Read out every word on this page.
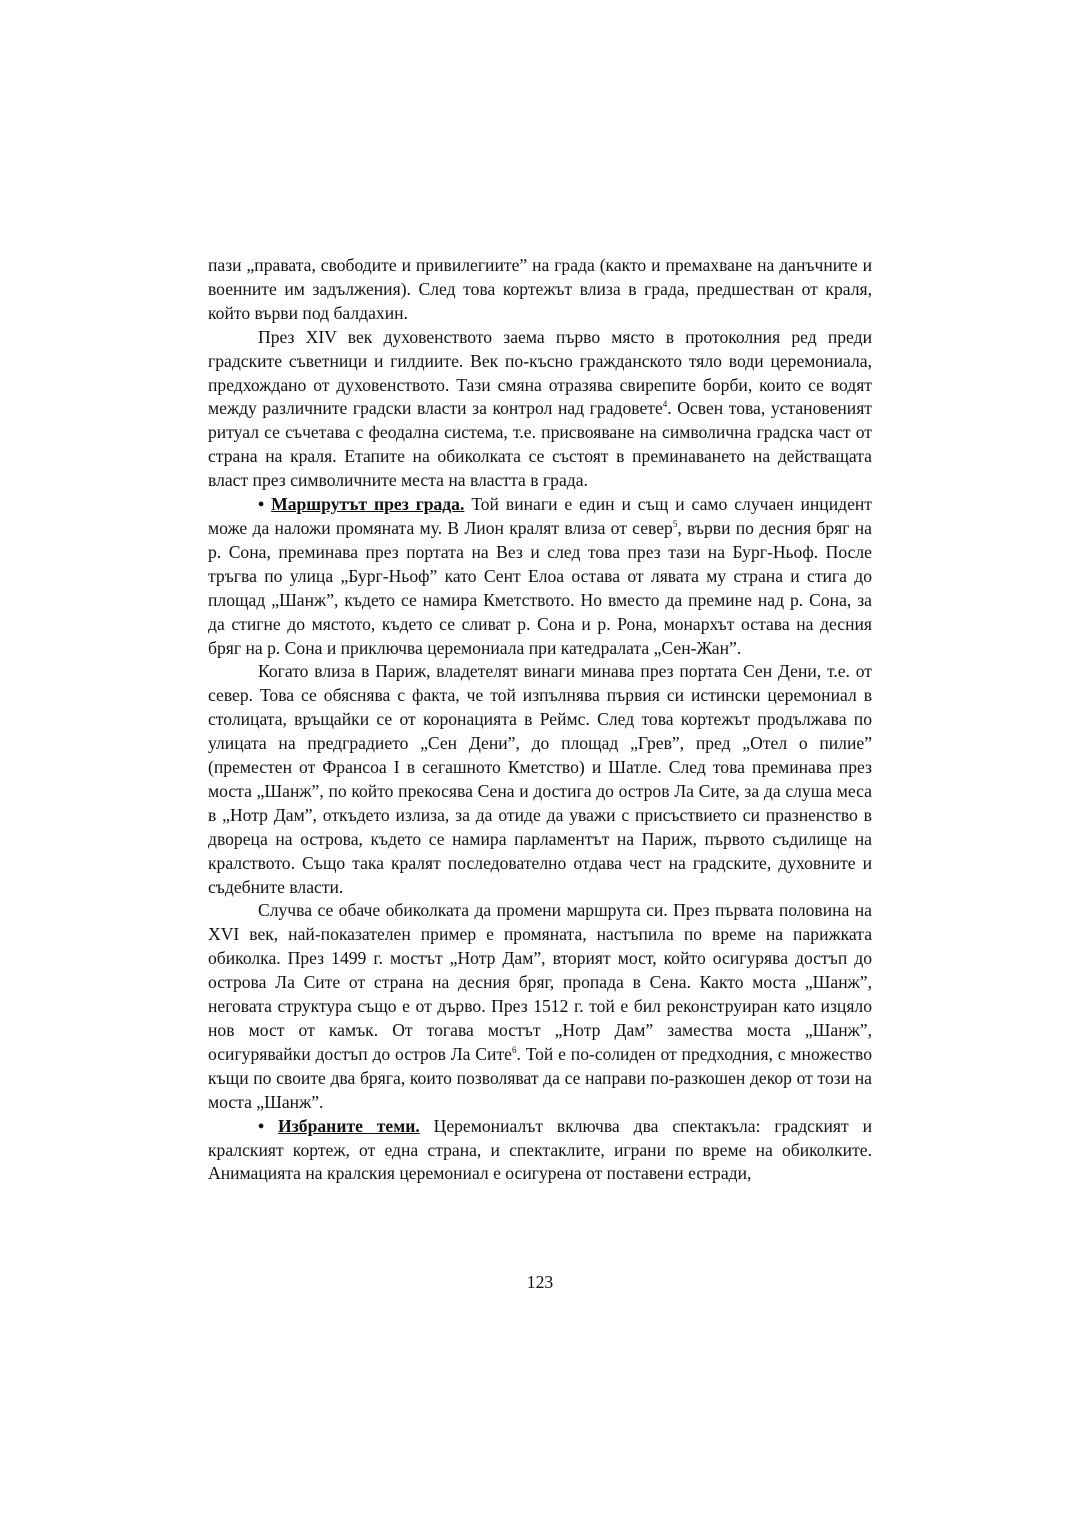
пази „правата, свободите и привилегиите” на града (както и премахване на данъчните и военните им задължения). След това кортежът влиза в града, предшестван от краля, който върви под балдахин.

През XIV век духовенството заема първо място в протоколния ред преди градските съветници и гилдиите. Век по-късно гражданското тяло води церемониала, предхождано от духовенството. Тази смяна отразява свирепите борби, които се водят между различните градски власти за контрол над градовете$^4$. Освен това, установеният ритуал се съчетава с феодална система, т.е. присвояване на символична градска част от страна на краля. Етапите на обиколката се състоят в преминаването на действащата власт през символичните места на властта в града.

• Маршрутът през града. Той винаги е един и същ и само случаен инцидент може да наложи промяната му. В Лион кралят влиза от север$^5$, върви по десния бряг на р. Сона, преминава през портата на Вез и след това през тази на Бург-Ньоф. После тръгва по улица „Бург-Ньоф” като Сент Елоа остава от лявата му страна и стига до площад „Шанж”, където се намира Кметството. Но вместо да премине над р. Сона, за да стигне до мястото, където се сливат р. Сона и р. Рона, монархът остава на десния бряг на р. Сона и приключва церемониала при катедралата „Сен-Жан”.

Когато влиза в Париж, владетелят винаги минава през портата Сен Дени, т.е. от север. Това се обяснява с факта, че той изпълнява първия си истински церемониал в столицата, връщайки се от коронацията в Реймс. След това кортежът продължава по улицата на предградието „Сен Дени”, до площад „Грев”, пред „Отел о пилие” (преместен от Франсоа I в сегашното Кметство) и Шатле. След това преминава през моста „Шанж”, по който прекосява Сена и достига до остров Ла Сите, за да слуша меса в „Нотр Дам”, откъдето излиза, за да отиде да уважи с присъствието си празненство в двореца на острова, където се намира парламентът на Париж, първото съдилище на кралството. Също така кралят последователно отдава чест на градските, духовните и съдебните власти.

Случва се обаче обиколката да промени маршрута си. През първата половина на XVI век, най-показателен пример е промяната, настъпила по време на парижката обиколка. През 1499 г. мостът „Нотр Дам”, вторият мост, който осигурява достъп до острова Ла Сите от страна на десния бряг, пропада в Сена. Както моста „Шанж”, неговата структура също е от дърво. През 1512 г. той е бил реконструиран като изцяло нов мост от камък. От тогава мостът „Нотр Дам” замества моста „Шанж”, осигурявайки достъп до остров Ла Сите$^6$. Той е по-солиден от предходния, с множество къщи по своите два бряга, които позволяват да се направи по-разкошен декор от този на моста „Шанж”.

• Избраните теми. Церемониалът включва два спектакъла: градският и кралският кортеж, от една страна, и спектаклите, играни по време на обиколките. Анимацията на кралския церемониал е осигурена от поставени естради,

123
